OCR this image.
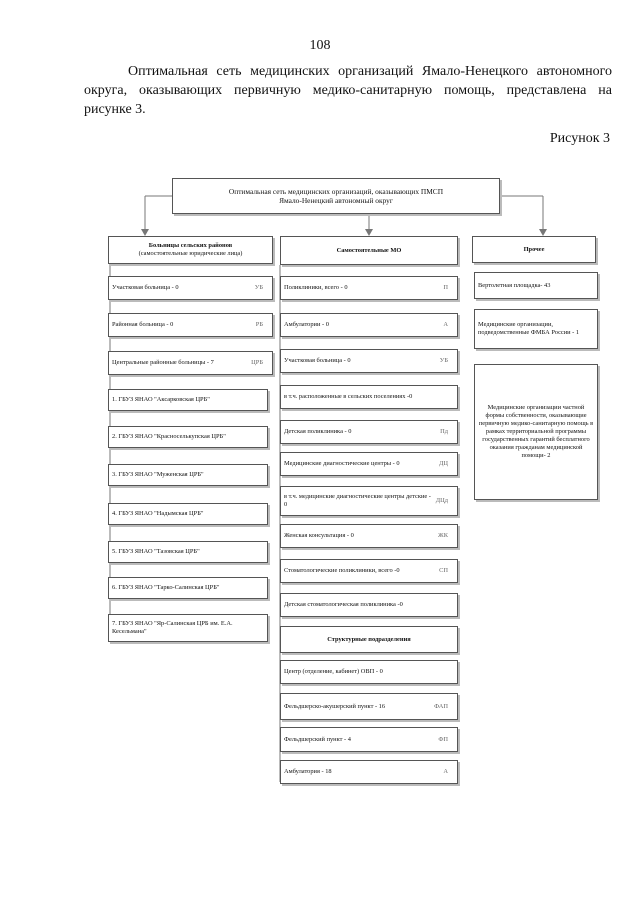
108

Оптимальная сеть медицинских организаций Ямало-Ненецкого автономного округа, оказывающих первичную медико-санитарную помощь, представлена на рисунке 3.

Рисунок 3
Оптимальная сеть медицинских организаций, оказывающих ПМСП
Ямало-Ненецкий автономный округ
Больницы сельских районов
(самостоятельные юридические лица)
Участковая больница - 0	УБ
Районная больница - 0	РБ
Центральные районные больницы - 7	ЦРБ
1. ГБУЗ ЯНАО "Аксарковская ЦРБ"
2. ГБУЗ ЯНАО "Красноселькупская ЦРБ"
3. ГБУЗ ЯНАО "Муженская ЦРБ"
4. ГБУЗ ЯНАО "Надымская ЦРБ"
5. ГБУЗ ЯНАО "Тазовская ЦРБ"
6. ГБУЗ ЯНАО "Тарко-Салинская ЦРБ"
7. ГБУЗ ЯНАО "Яр-Салинская ЦРБ им. Е.А. Кесельмана"
Самостоятельные МО
Поликлиники, всего - 0	П
Амбулатории - 0	А
Участковая больница - 0	УБ
в т.ч. расположенные в сельских поселениях -0
Детская поликлиника - 0	Пд
Медицинские диагностические центры - 0	ДЦ
в т.ч. медицинские диагностические центры детские - 0
ДЦд
Женская консультация - 0	ЖК
Стоматологические поликлиники, всего -0	СП
Детская стоматологическая поликлиника -0
Структурные подразделения
Центр (отделение, кабинет) ОВП - 0
Фельдшерско-акушерский пункт - 16	ФАП
Фельдшерский пункт - 4	ФП
Амбулатория - 18	А
Прочее
Вертолетная площадка- 43
Медицинские организации, подведомственные ФМБА России - 1
Медицинские организации частной формы собственности, оказывающие первичную медико-санитарную помощь в рамках территориальной программы государственных гарантий бесплатного оказания гражданам медицинской помощи- 2
